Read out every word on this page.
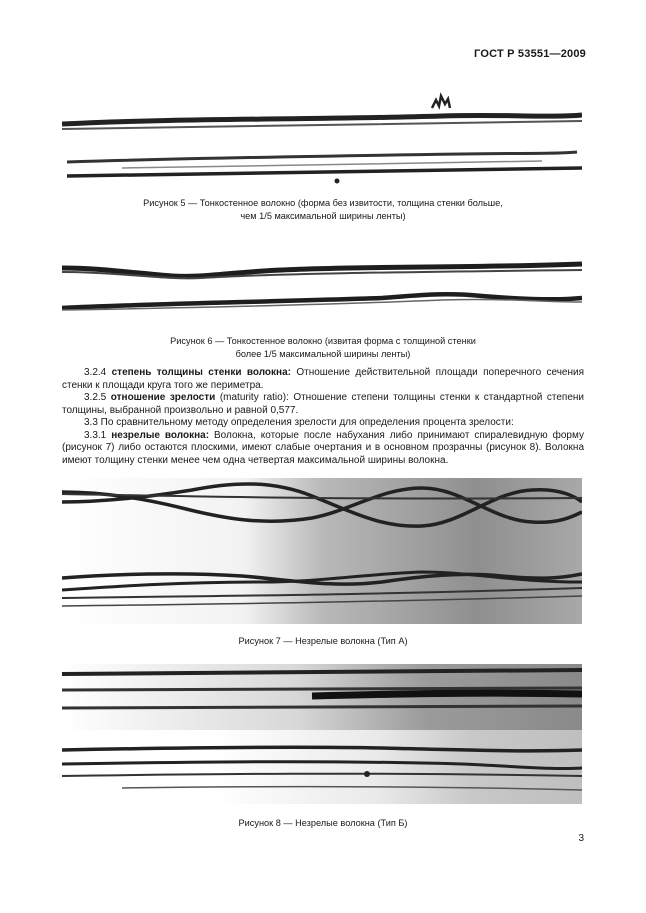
ГОСТ Р 53551—2009
Рисунок 5 — Тонкостенное волокно (форма без извитости, толщина стенки больше,
чем 1/5 максимальной ширины ленты)
Рисунок 6 — Тонкостенное волокно (извитая форма с толщиной стенки
более 1/5 максимальной ширины ленты)

3.2.4 степень толщины стенки волокна: Отношение действительной площади поперечного сечения стенки к площади круга того же периметра.

3.2.5 отношение зрелости (maturity ratio): Отношение степени толщины стенки к стандартной степени толщины, выбранной произвольно и равной 0,577.

3.3 По сравнительному методу определения зрелости для определения процента зрелости:

3.3.1 незрелые волокна: Волокна, которые после набухания либо принимают спиралевидную форму (рисунок 7) либо остаются плоскими, имеют слабые очертания и в основном прозрачны (рисунок 8). Волокна имеют толщину стенки менее чем одна четвертая максимальной ширины волокна.

Рисунок 7 — Незрелые волокна (Тип А)
Рисунок 8 — Незрелые волокна (Тип Б)
3
